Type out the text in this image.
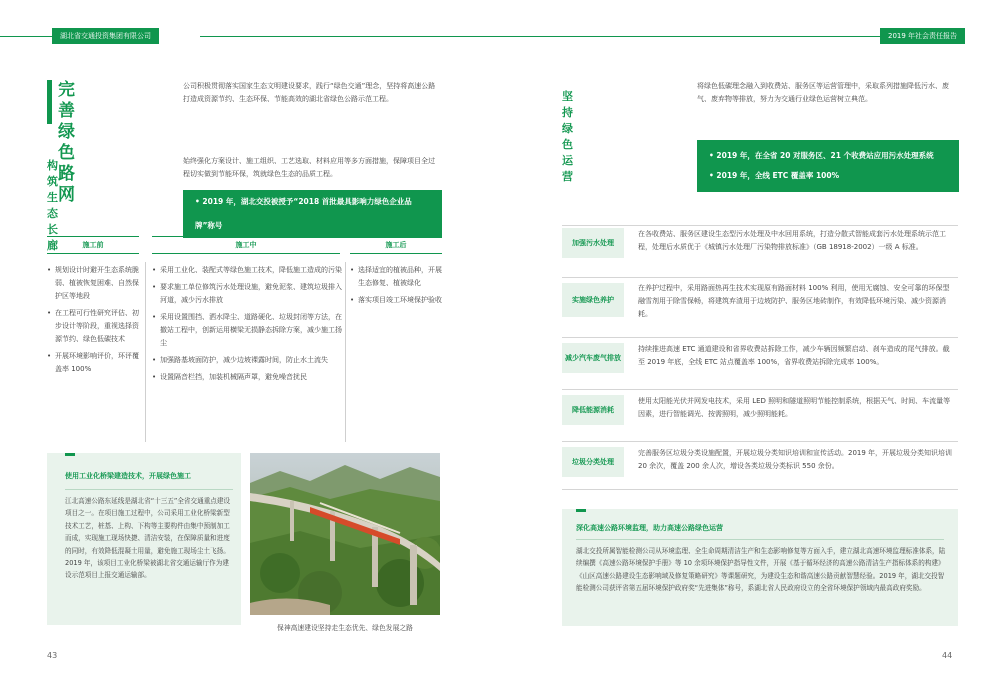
湖北省交通投资集团有限公司	2019 年社会责任报告
完善
绿色路网
公司积极贯彻落实国家生态文明建设要求，践行“绿色交通”理念，坚持将高速公路打造成资源节约、生态环保、节能高效的湖北省绿色公路示范工程。
构筑生态长廊
始终强化方案设计、施工组织、工艺选取、材料应用等多方面措施，保障项目全过程切实做到节能环保，筑就绿色生态的品质工程。
• 2019 年，湖北交投被授予“2018 首批最具影响力绿色企业品牌”称号
施工前	施工中	施工后
• 规划设计时避开生态系统脆弱、植被恢复困难、自然保护区等地段
• 在工程可行性研究评估、初步设计等阶段，重视选择资源节约、绿色低碳技术
• 开展环境影响评价，环评覆盖率 100%
• 采用工业化、装配式等绿色施工技术，降低施工造成的污染
• 要求施工单位修筑污水处理设施，避免泥浆、建筑垃圾排入河道，减少污水排放
• 采用设置围挡、洒水降尘、道路硬化、垃圾封闭等方法，在撤站工程中，创新运用横梁无损静态拆除方案，减少施工扬尘
• 加强路基坡面防护，减少边坡裸露时间，防止水土流失
• 设置隔音栏挡，加装机械隔声罩，避免噪音扰民
• 选择适宜的植被品种，开展生态修复、植被绿化
• 落实项目竣工环境保护验收
使用工业化桥梁建造技术，开展绿色施工
江北高速公路东延线是湖北省“十三五”全省交通重点建设项目之一。在项目施工过程中，公司采用工业化桥梁新型技术工艺，桩基、上构、下构等主要构件由集中预制加工而成，实现施工现场快捷、清洁安装，在保障质量和进度的同时，有效降低混凝土用量，避免施工现场尘土飞扬。2019 年，该项目工业化桥梁被湖北省交通运输厅作为建设示范项目上报交通运输部。
保神高速建设坚持走生态优先、绿色发展之路
43
坚持绿色运营
将绿色低碳理念融入到收费站、服务区等运营管理中，采取系列措施降低污水、废气、废弃物等排放，努力为交通行业绿色运营树立典范。
• 2019 年，在全省 20 对服务区、21 个收费站应用污水处理系统
• 2019 年，全线 ETC 覆盖率 100%
加强污水处理
在各收费站、服务区建设生态型污水处理及中水回用系统，打造分散式智能成套污水处理系统示范工程，处理后水质优于《城镇污水处理厂污染物排放标准》（GB 18918-2002）一级 A 标准。
实施绿色养护
在养护过程中，采用路面热再生技术实现原有路面材料 100% 利用，使用无腐蚀、安全可靠的环保型融雪剂用于除雪保畅，将建筑弃渣用于边坡防护、服务区地砖制作，有效降低环境污染、减少资源消耗。
减少汽车废气排放
持续推进高速 ETC 通道建设和省界收费站拆除工作，减少车辆因频繁启动、刹车造成的尾气排放。截至 2019 年底，全线 ETC 站点覆盖率 100%，省界收费站拆除完成率 100%。
降低能源消耗
使用太阳能光伏并网发电技术，采用 LED 照明和隧道照明节能控制系统，根据天气、时间、车流量等因素，进行智能调光、按需照明，减少照明能耗。
垃圾分类处理
完善服务区垃圾分类设施配置，开展垃圾分类知识培训和宣传活动。2019 年，开展垃圾分类知识培训 20 余次，覆盖 200 余人次，增设各类垃圾分类标识 550 余份。
深化高速公路环境监理，助力高速公路绿色运营
湖北交投所属智能检测公司从环境监理、全生命周期清洁生产和生态影响修复等方面入手，建立湖北高速环境监理标准体系，陆续编撰《高速公路环境保护手册》等 10 余项环境保护指导性文件，开展《基于循环经济的高速公路清洁生产指标体系的构建》《山区高速公路建设生态影响域及修复策略研究》等课题研究，为建设生态和谐高速公路贡献智慧经验。2019 年，湖北交投智能检测公司获评省第五届环境保护政府奖“先进集体”称号，系湖北省人民政府设立的全省环境保护领域内最高政府奖励。
44
